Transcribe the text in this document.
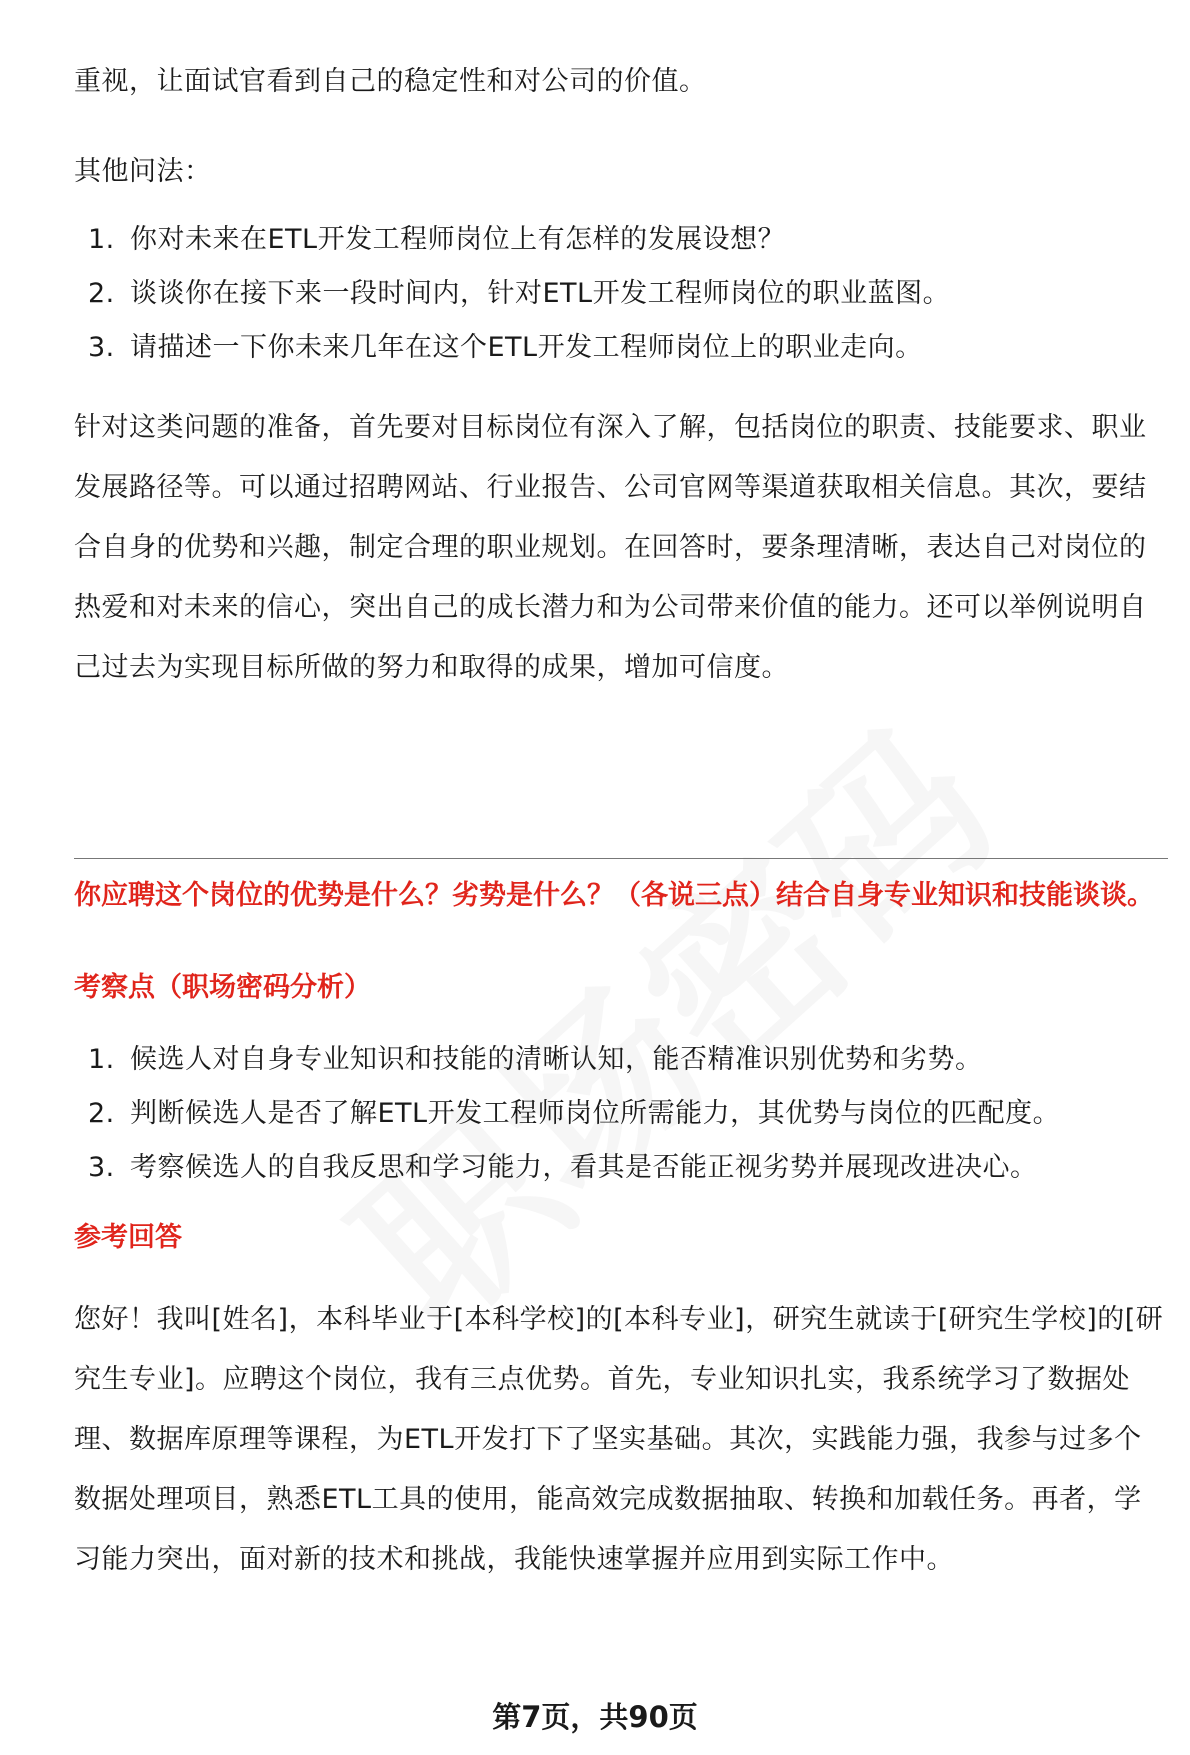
重视，让面试官看到自己的稳定性和对公司的价值。

其他问法：

1. 你对未来在ETL开发工程师岗位上有怎样的发展设想？
2. 谈谈你在接下来一段时间内，针对ETL开发工程师岗位的职业蓝图。
3. 请描述一下你未来几年在这个ETL开发工程师岗位上的职业走向。

针对这类问题的准备，首先要对目标岗位有深入了解，包括岗位的职责、技能要求、职业发展路径等。可以通过招聘网站、行业报告、公司官网等渠道获取相关信息。其次，要结合自身的优势和兴趣，制定合理的职业规划。在回答时，要条理清晰，表达自己对岗位的热爱和对未来的信心，突出自己的成长潜力和为公司带来价值的能力。还可以举例说明自己过去为实现目标所做的努力和取得的成果，增加可信度。

你应聘这个岗位的优势是什么？劣势是什么？（各说三点）结合自身专业知识和技能谈谈。

考察点（职场密码分析）

1. 候选人对自身专业知识和技能的清晰认知，能否精准识别优势和劣势。
2. 判断候选人是否了解ETL开发工程师岗位所需能力，其优势与岗位的匹配度。
3. 考察候选人的自我反思和学习能力，看其是否能正视劣势并展现改进决心。

参考回答

您好！我叫[姓名]，本科毕业于[本科学校]的[本科专业]，研究生就读于[研究生学校]的[研究生专业]。应聘这个岗位，我有三点优势。首先，专业知识扎实，我系统学习了数据处理、数据库原理等课程，为ETL开发打下了坚实基础。其次，实践能力强，我参与过多个数据处理项目，熟悉ETL工具的使用，能高效完成数据抽取、转换和加载任务。再者，学习能力突出，面对新的技术和挑战，我能快速掌握并应用到实际工作中。

第7页，共90页
